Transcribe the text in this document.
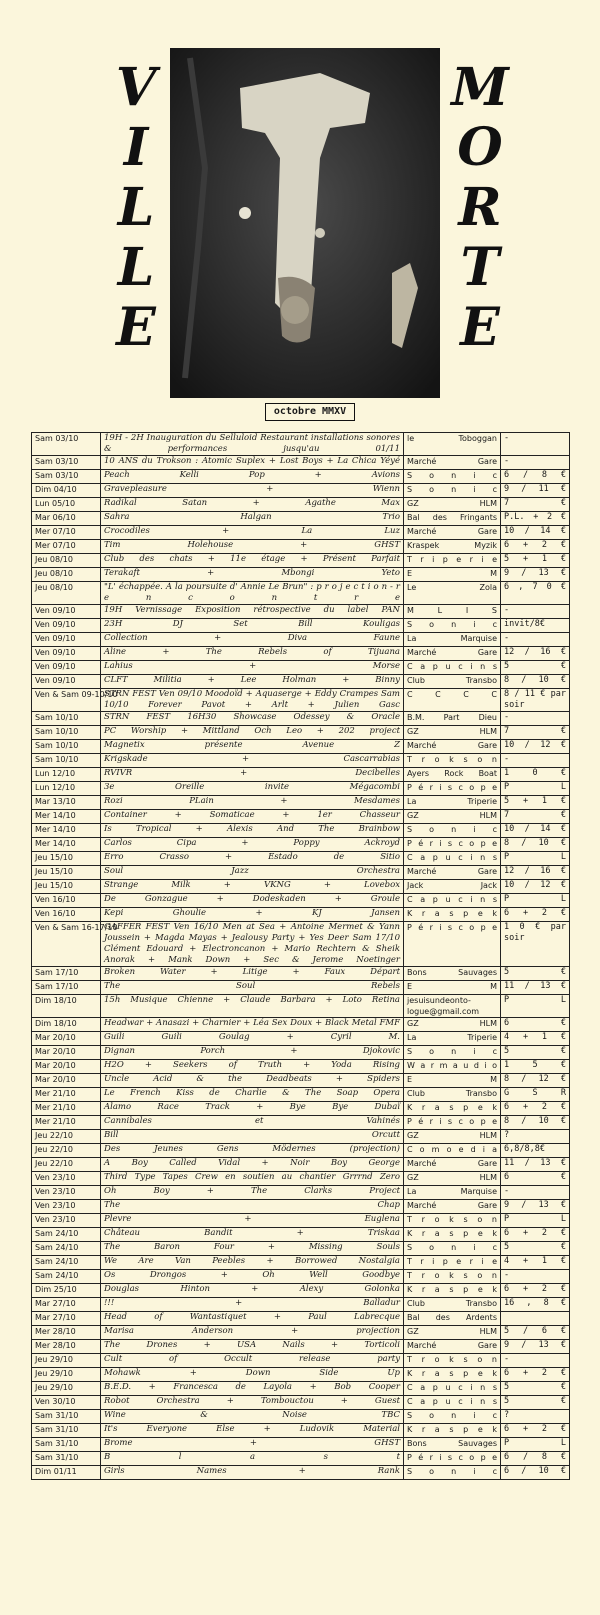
V
I
L
L
E
M
O
R
T
E
octobre MMXV
Sam 03/10	19H - 2H Inauguration du Selluloid Restaurant installations sonores & performances jusqu'au 01/11	le Toboggan	-
Sam 03/10	10 ANS du Trokson : Atomic Suplex + Lost Boys + La Chica Yéyé	Marché Gare	-
Sam 03/10	Peach Kelli Pop + Avions	S o n i c	6 / 8 €
Dim 04/10	Gravepleasure + Wienn	S o n i c	9 / 11 €
Lun 05/10	Radikal Satan + Agathe Max	GZ HLM	7 €
Mar 06/10	Sahra Halgan Trio	Bal des Fringants	P.L. + 2 €
Mer 07/10	Crocodiles + La Luz	Marché Gare	10 / 14 €
Mer 07/10	Tim Holehouse + GHST	Kraspek Myzik	6 + 2 €
Jeu 08/10	Club des chats + 11e étage + Présent Parfait	T r i p e r i e	5 + 1 €
Jeu 08/10	Terakaft + Mbongi Yeto	E M	9 / 13 €
Jeu 08/10	"L' échappée. À la poursuite d' Annie Le Brun" : p r o j e c t i o n - r e n c o n t r e	Le Zola	6 , 7 0 €
Ven 09/10	19H Vernissage Exposition rétrospective du label PAN	M L I S	-
Ven 09/10	23H DJ Set Bill Kouligas	S o n i c	invit/8€
Ven 09/10	Collection + Diva Faune	La Marquise	-
Ven 09/10	Aline + The Rebels of Tijuana	Marché Gare	12 / 16 €
Ven 09/10	Lahius + Morse	C a p u c i n s	5 €
Ven 09/10	CLFT Militia + Lee Holman + Binny	Club Transbo	8 / 10 €
Ven & Sam 09-10/10	STRN FEST Ven 09/10 Moodoïd + Aquaserge + Eddy Crampes Sam 10/10 Forever Pavot + Arlt + Julien Gasc	C C C C	8 / 11 € par soir
Sam 10/10	STRN FEST 16H30 Showcase Odessey & Oracle	B.M. Part Dieu	-
Sam 10/10	PC Worship + Mittland Och Leo + 202 project	GZ HLM	7 €
Sam 10/10	Magnetix présente Avenue Z	Marché Gare	10 / 12 €
Sam 10/10	Krigskade + Cascarrabias	T r o k s o n	-
Lun 12/10	RVIVR + Decibelles	Ayers Rock Boat	1 0 €
Lun 12/10	3e Oreille invite Mégacombi	P é r i s c o p e	P L
Mar 13/10	Rozi PLain + Mesdames	La Triperie	5 + 1 €
Mer 14/10	Container + Somaticae + 1er Chasseur	GZ HLM	7 €
Mer 14/10	Is Tropical + Alexis And The Brainbow	S o n i c	10 / 14 €
Mer 14/10	Carlos Cipa + Poppy Ackroyd	P é r i s c o p e	8 / 10 €
Jeu 15/10	Erro Crasso + Estado de Sitio	C a p u c i n s	P L
Jeu 15/10	Soul Jazz Orchestra	Marché Gare	12 / 16 €
Jeu 15/10	Strange Milk + VKNG + Lovebox	Jack Jack	10 / 12 €
Ven 16/10	De Gonzague + Dodeskaden + Groule	C a p u c i n s	P L
Ven 16/10	Kepi Ghoulie + KJ Jansen	K r a s p e k	6 + 2 €
Ven & Sam 16-17/10	GAFFER FEST Ven 16/10 Men at Sea + Antoine Mermet & Yann Joussein + Magda Mayas + Jealousy Party + Yes Deer Sam 17/10 Clément Edouard + Electroncanon + Mario Rechtern & Sheik Anorak + Mank Down + Sec & Jerome Noetinger	P é r i s c o p e	1 0 € par soir
Sam 17/10	Broken Water + Litige + Faux Départ	Bons Sauvages	5 €
Sam 17/10	The Soul Rebels	E M	11 / 13 €
Dim 18/10	15h Musique Chienne + Claude Barbara + Loto Retina	jesuisundeonto-logue@gmail.com	P L
Dim 18/10	Headwar + Anasazi + Charnier + Léa Sex Doux + Black Metal FMF	GZ HLM	6 €
Mar 20/10	Guili Guili Goulag + Cyril M.	La Triperie	4 + 1 €
Mar 20/10	Dignan Porch + Djokovic	S o n i c	5 €
Mar 20/10	H2O + Seekers of Truth + Yoda Rising	W a r m a u d i o	1 5 €
Mar 20/10	Uncle Acid & the Deadbeats + Spiders	E M	8 / 12 €
Mer 21/10	Le French Kiss de Charlie & The Soap Opera	Club Transbo	G S R
Mer 21/10	Alamo Race Track + Bye Bye Dubaï	K r a s p e k	6 + 2 €
Mer 21/10	Cannibales et Vahinés	P é r i s c o p e	8 / 10 €
Jeu 22/10	Bill Orcutt	GZ HLM	?
Jeu 22/10	Des Jeunes Gens Mödernes (projection)	C o m o e d i a	6,8/8,8€
Jeu 22/10	A Boy Called Vidal + Noir Boy George	Marché Gare	11 / 13 €
Ven 23/10	Third Type Tapes Crew en soutien au chantier Grrrnd Zero	GZ HLM	6 €
Ven 23/10	Oh Boy + The Clarks Project	La Marquise	-
Ven 23/10	The Chap	Marché Gare	9 / 13 €
Ven 23/10	Plevre + Euglena	T r o k s o n	P L
Sam 24/10	Château Bandit + Triskaa	K r a s p e k	6 + 2 €
Sam 24/10	The Baron Four + Missing Souls	S o n i c	5 €
Sam 24/10	We Are Van Peebles + Borrowed Nostalgia	T r i p e r i e	4 + 1 €
Sam 24/10	Os Drongos + Oh Well Goodbye	T r o k s o n	-
Dim 25/10	Douglas Hinton + Alexy Golonka	K r a s p e k	6 + 2 €
Mar 27/10	!!! + Balladur	Club Transbo	16 , 8 €
Mar 27/10	Head of Wantastiquet + Paul Labrecque	Bal des Ardents	
Mer 28/10	Marisa Anderson + projection	GZ HLM	5 / 6 €
Mer 28/10	The Drones + USA Nails + Torticoli	Marché Gare	9 / 13 €
Jeu 29/10	Cult of Occult release party	T r o k s o n	-
Jeu 29/10	Mohawk + Down Side Up	K r a s p e k	6 + 2 €
Jeu 29/10	B.E.D. + Francesca de Layola + Bob Cooper	C a p u c i n s	5 €
Ven 30/10	Robot Orchestra + Tombouctou + Guest	C a p u c i n s	5 €
Sam 31/10	Wine & Noise TBC	S o n i c	?
Sam 31/10	It's Everyone Else + Ludovik Material	K r a s p e k	6 + 2 €
Sam 31/10	Brome + GHST	Bons Sauvages	P L
Sam 31/10	B l a s t	P é r i s c o p e	6 / 8 €
Dim 01/11	Girls Names + Rank	S o n i c	6 / 10 €
